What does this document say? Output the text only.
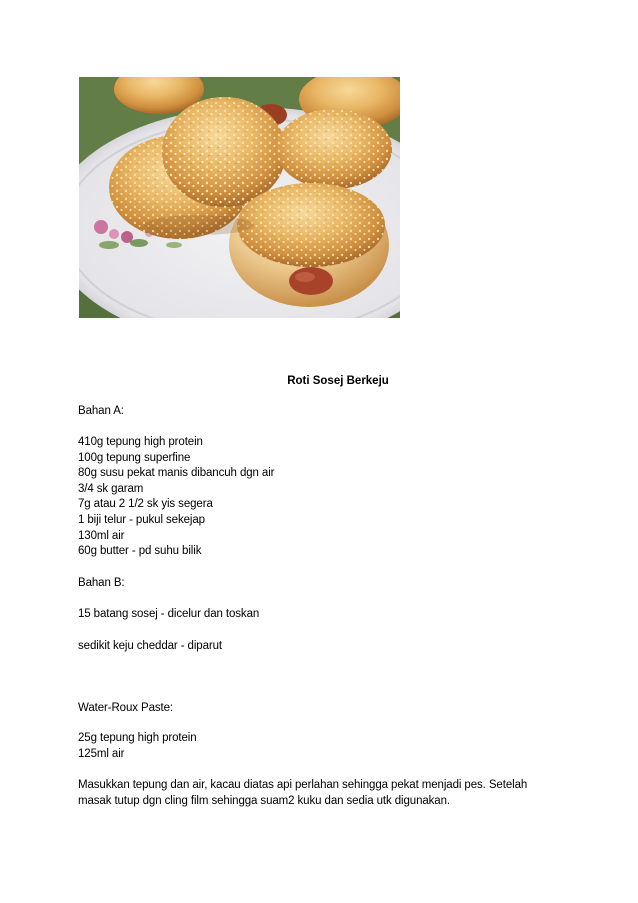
Roti Sosej Berkeju
Bahan A:
410g tepung high protein
100g tepung superfine
80g susu pekat manis dibancuh dgn air
3/4 sk garam
7g atau 2 1/2 sk yis segera
1 biji telur - pukul sekejap
130ml air
60g butter - pd suhu bilik
Bahan B:
15 batang sosej - dicelur dan toskan
sedikit keju cheddar - diparut
Water-Roux Paste:
25g tepung high protein
125ml air
Masukkan tepung dan air, kacau diatas api perlahan sehingga pekat menjadi pes. Setelah
masak tutup dgn cling film sehingga suam2 kuku dan sedia utk digunakan.
